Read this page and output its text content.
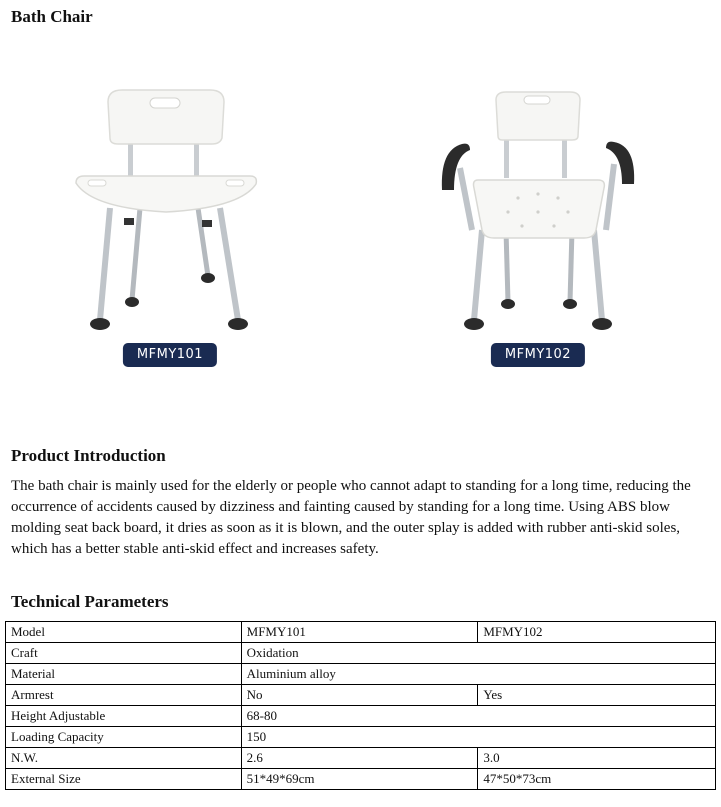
Bath Chair
MFMY101	MFMY102
Product Introduction
The bath chair is mainly used for the elderly or people who cannot adapt to standing for a long time, reducing the occurrence of accidents caused by dizziness and fainting caused by standing for a long time. Using ABS blow molding seat back board, it dries as soon as it is blown, and the outer splay is added with rubber anti-skid soles, which has a better stable anti-skid effect and increases safety.
Technical Parameters
Model	MFMY101	MFMY102
Craft	Oxidation	
Material	Aluminium alloy	
Armrest	No	Yes
Height Adjustable	68-80	
Loading Capacity	150	
N.W.	2.6	3.0
External Size	51*49*69cm	47*50*73cm
